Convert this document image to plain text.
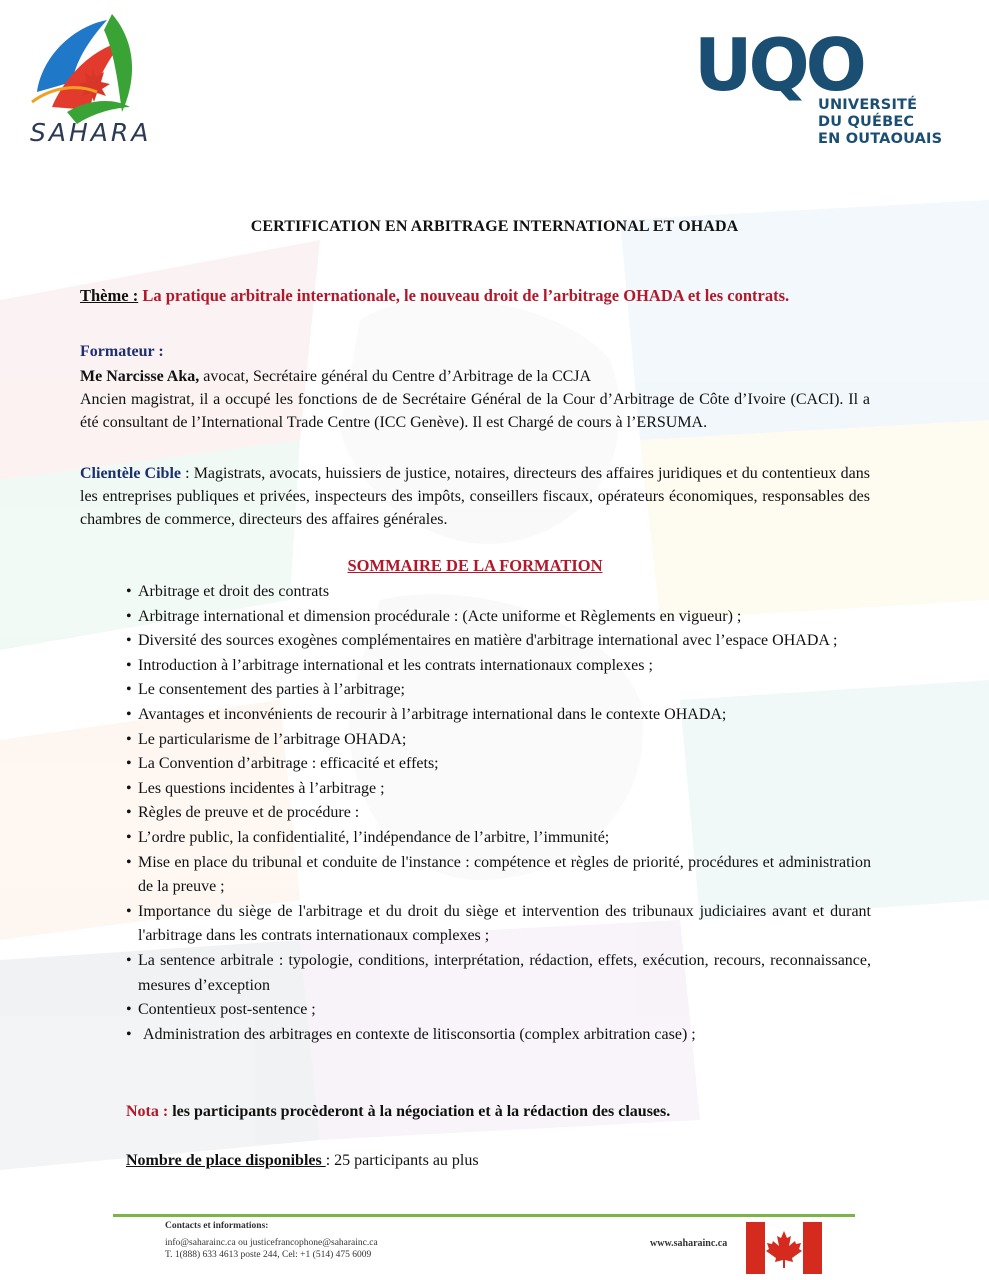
SAHARA
UQO
UNIVERSITÉ
DU QUÉBEC
EN OUTAOUAIS
CERTIFICATION EN ARBITRAGE INTERNATIONAL ET OHADA
Thème : La pratique arbitrale internationale, le nouveau droit de l’arbitrage OHADA et les contrats.
Formateur :

Me Narcisse Aka, avocat, Secrétaire général du Centre d’Arbitrage de la CCJA

Ancien magistrat, il a occupé les fonctions de de Secrétaire Général de la Cour d’Arbitrage de Côte d’Ivoire (CACI). Il a été consultant de l’International Trade Centre (ICC Genève). Il est Chargé de cours à l’ERSUMA.

Clientèle Cible : Magistrats, avocats, huissiers de justice, notaires, directeurs des affaires juridiques et du contentieux dans les entreprises publiques et privées, inspecteurs des impôts, conseillers fiscaux, opérateurs économiques, responsables des chambres de commerce, directeurs des affaires générales.
SOMMAIRE DE LA FORMATION
• Arbitrage et droit des contrats
• Arbitrage international et dimension procédurale : (Acte uniforme et Règlements en vigueur) ;
• Diversité des sources exogènes complémentaires en matière d'arbitrage international avec l’espace OHADA ;
• Introduction à l’arbitrage international et les contrats internationaux complexes ;
• Le consentement des parties à l’arbitrage;
• Avantages et inconvénients de recourir à l’arbitrage international dans le contexte OHADA;
• Le particularisme de l’arbitrage OHADA;
• La Convention d’arbitrage : efficacité et effets;
• Les questions incidentes à l’arbitrage ;
• Règles de preuve et de procédure :
• L’ordre public, la confidentialité, l’indépendance de l’arbitre, l’immunité;
• Mise en place du tribunal et conduite de l'instance : compétence et règles de priorité, procédures et administration de la preuve ;
• Importance du siège de l'arbitrage et du droit du siège et intervention des tribunaux judiciaires avant et durant l'arbitrage dans les contrats internationaux complexes ;
• La sentence arbitrale : typologie, conditions, interprétation, rédaction, effets, exécution, recours, reconnaissance, mesures d’exception
• Contentieux post-sentence ;
• Administration des arbitrages en contexte de litisconsortia (complex arbitration case) ;
Nota : les participants procèderont à la négociation et à la rédaction des clauses.
Nombre de place disponibles : 25 participants au plus
Contacts et informations:
info@saharainc.ca ou justicefrancophone@saharainc.ca
T. 1(888) 633 4613 poste 244, Cel: +1 (514) 475 6009
www.saharainc.ca
